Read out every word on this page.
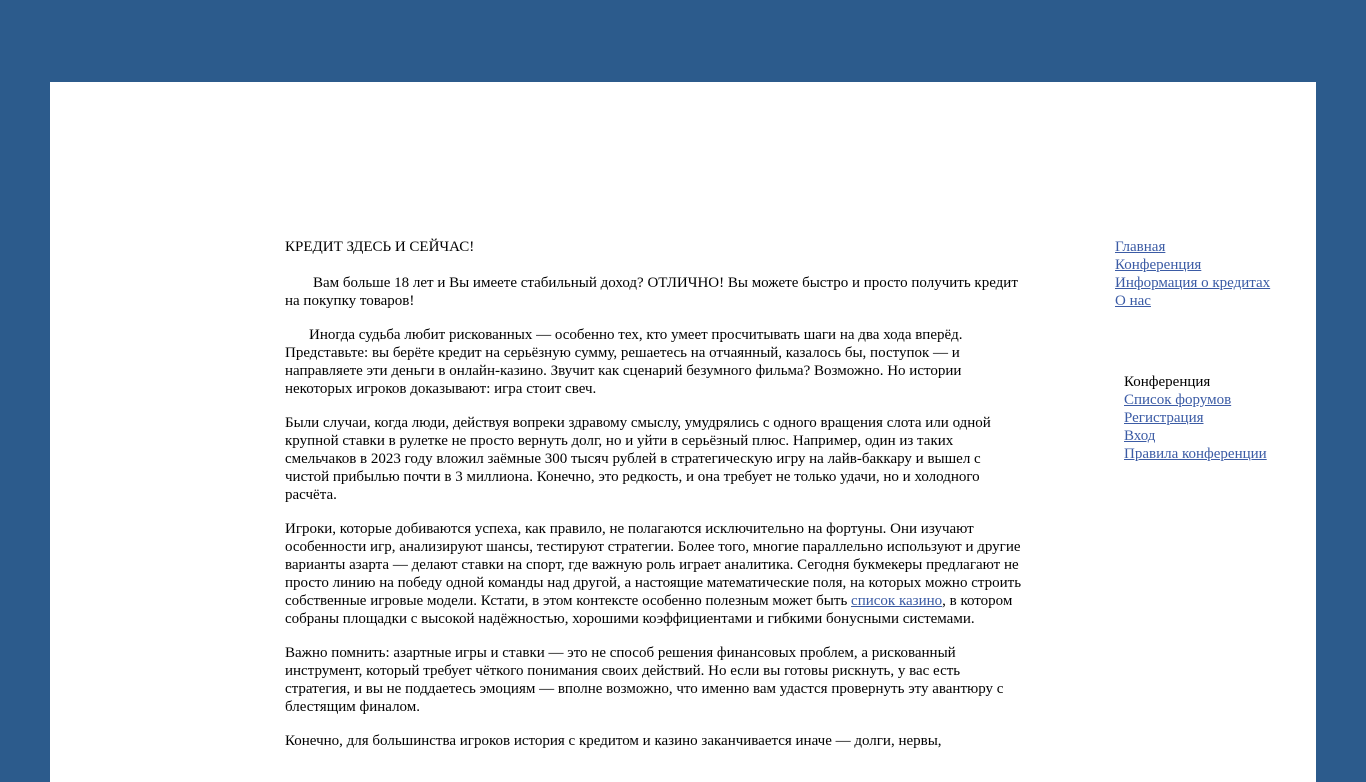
КРЕДИТ ЗДЕСЬ И СЕЙЧАС!

Вам больше 18 лет и Вы имеете стабильный доход? ОТЛИЧНО! Вы можете быстро и просто получить кредит на покупку товаров!

Иногда судьба любит рискованных — особенно тех, кто умеет просчитывать шаги на два хода вперёд. Представьте: вы берёте кредит на серьёзную сумму, решаетесь на отчаянный, казалось бы, поступок — и направляете эти деньги в онлайн-казино. Звучит как сценарий безумного фильма? Возможно. Но истории некоторых игроков доказывают: игра стоит свеч.

Были случаи, когда люди, действуя вопреки здравому смыслу, умудрялись с одного вращения слота или одной крупной ставки в рулетке не просто вернуть долг, но и уйти в серьёзный плюс. Например, один из таких смельчаков в 2023 году вложил заёмные 300 тысяч рублей в стратегическую игру на лайв-баккару и вышел с чистой прибылью почти в 3 миллиона. Конечно, это редкость, и она требует не только удачи, но и холодного расчёта.

Игроки, которые добиваются успеха, как правило, не полагаются исключительно на фортуны. Они изучают особенности игр, анализируют шансы, тестируют стратегии. Более того, многие параллельно используют и другие варианты азарта — делают ставки на спорт, где важную роль играет аналитика. Сегодня букмекеры предлагают не просто линию на победу одной команды над другой, а настоящие математические поля, на которых можно строить собственные игровые модели. Кстати, в этом контексте особенно полезным может быть список казино, в котором собраны площадки с высокой надёжностью, хорошими коэффициентами и гибкими бонусными системами.

Важно помнить: азартные игры и ставки — это не способ решения финансовых проблем, а рискованный инструмент, который требует чёткого понимания своих действий. Но если вы готовы рискнуть, у вас есть стратегия, и вы не поддаетесь эмоциям — вполне возможно, что именно вам удастся провернуть эту авантюру с блестящим финалом.

Конечно, для большинства игроков история с кредитом и казино заканчивается иначе — долги, нервы,

Главная
Конференция
Информация о кредитах
О нас
Конференция
Список форумов
Регистрация
Вход
Правила конференции
